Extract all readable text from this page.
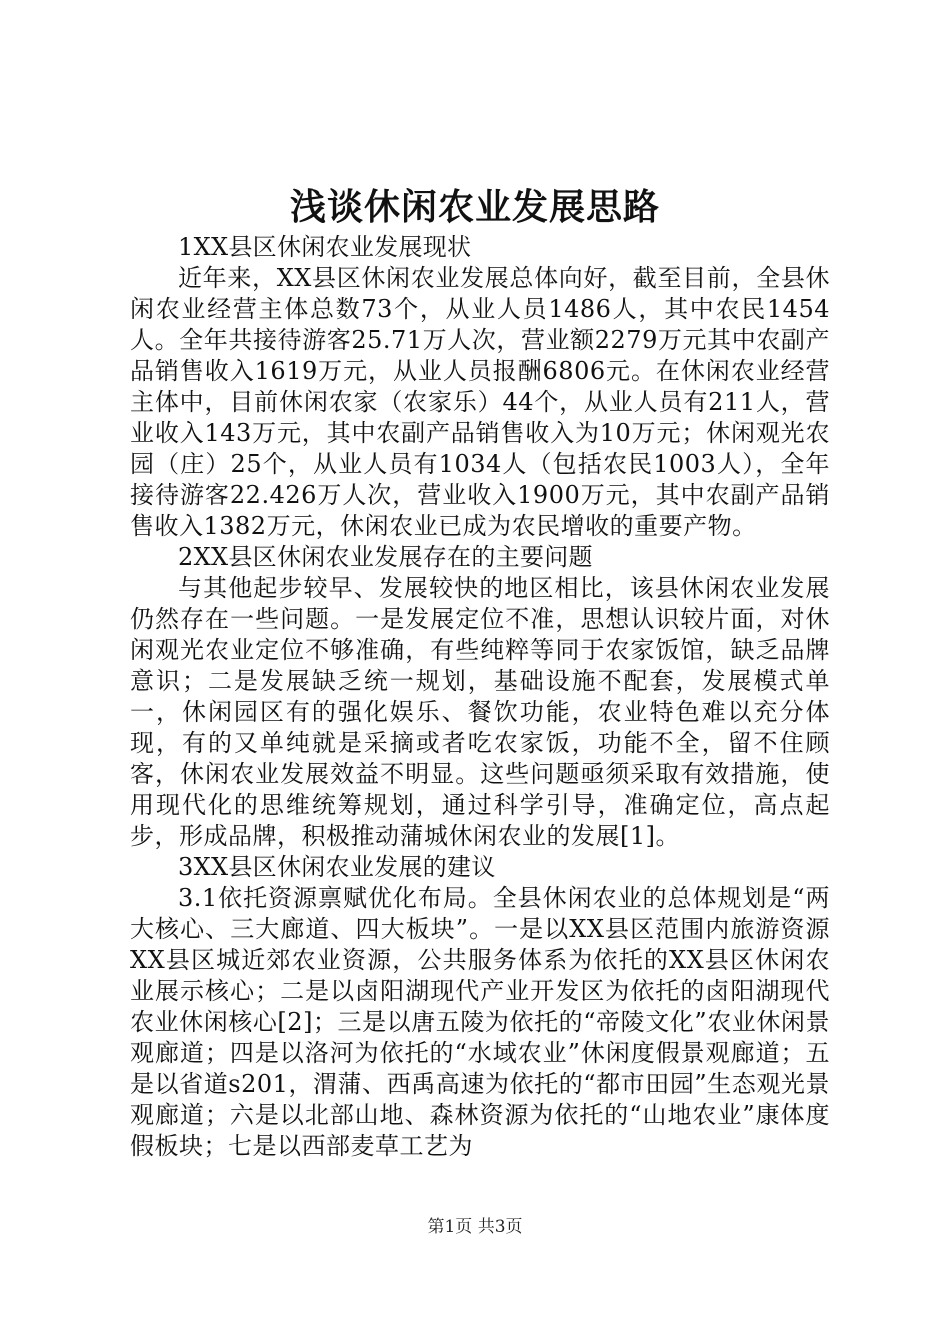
浅谈休闲农业发展思路

1XX县区休闲农业发展现状

近年来，XX县区休闲农业发展总体向好，截至目前，全县休闲农业经营主体总数73个，从业人员1486人，其中农民1454人。全年共接待游客25.71万人次，营业额2279万元其中农副产品销售收入1619万元，从业人员报酬6806元。在休闲农业经营主体中，目前休闲农家（农家乐）44个，从业人员有211人，营业收入143万元，其中农副产品销售收入为10万元；休闲观光农园（庄）25个，从业人员有1034人（包括农民1003人），全年接待游客22.426万人次，营业收入1900万元，其中农副产品销售收入1382万元，休闲农业已成为农民增收的重要产物。

2XX县区休闲农业发展存在的主要问题

与其他起步较早、发展较快的地区相比，该县休闲农业发展仍然存在一些问题。一是发展定位不准，思想认识较片面，对休闲观光农业定位不够准确，有些纯粹等同于农家饭馆，缺乏品牌意识；二是发展缺乏统一规划，基础设施不配套，发展模式单一，休闲园区有的强化娱乐、餐饮功能，农业特色难以充分体现，有的又单纯就是采摘或者吃农家饭，功能不全，留不住顾客，休闲农业发展效益不明显。这些问题亟须采取有效措施，使用现代化的思维统筹规划，通过科学引导，准确定位，高点起步，形成品牌，积极推动蒲城休闲农业的发展[1]。

3XX县区休闲农业发展的建议

3.1依托资源禀赋优化布局。全县休闲农业的总体规划是“两大核心、三大廊道、四大板块”。一是以XX县区范围内旅游资源XX县区城近郊农业资源，公共服务体系为依托的XX县区休闲农业展示核心；二是以卤阳湖现代产业开发区为依托的卤阳湖现代农业休闲核心[2]；三是以唐五陵为依托的“帝陵文化”农业休闲景观廊道；四是以洛河为依托的“水域农业”休闲度假景观廊道；五是以省道s201，渭蒲、西禹高速为依托的“都市田园”生态观光景观廊道；六是以北部山地、森林资源为依托的“山地农业”康体度假板块；七是以西部麦草工艺为

第1页 共3页
